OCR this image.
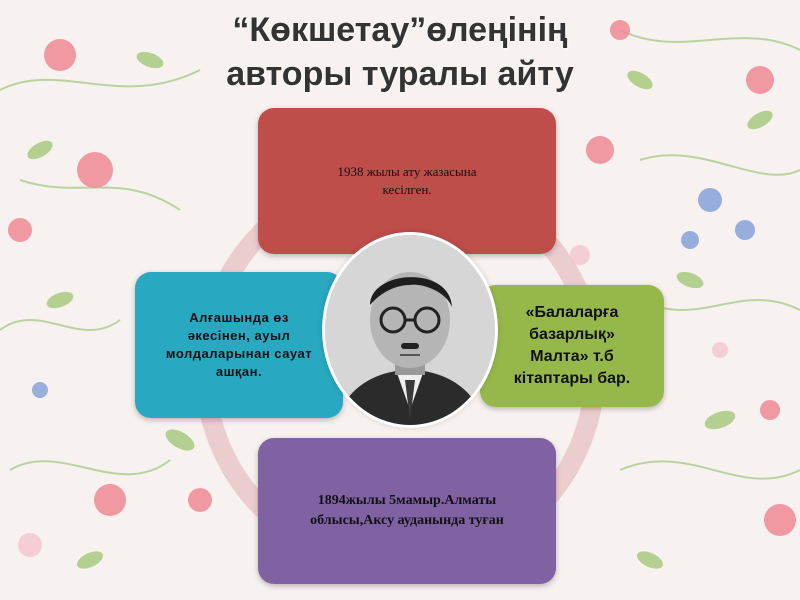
“Көкшетау”өлеңінің
авторы туралы айту
1938 жылы ату жазасына
кесілген.
Алғашында өз
әкесінен, ауыл
молдаларынан сауат
ашқан.
«Балаларға
базарлық»
Малта» т.б
кітаптары бар.
1894жылы 5мамыр.Алматы
облысы,Аксу ауданында туған
